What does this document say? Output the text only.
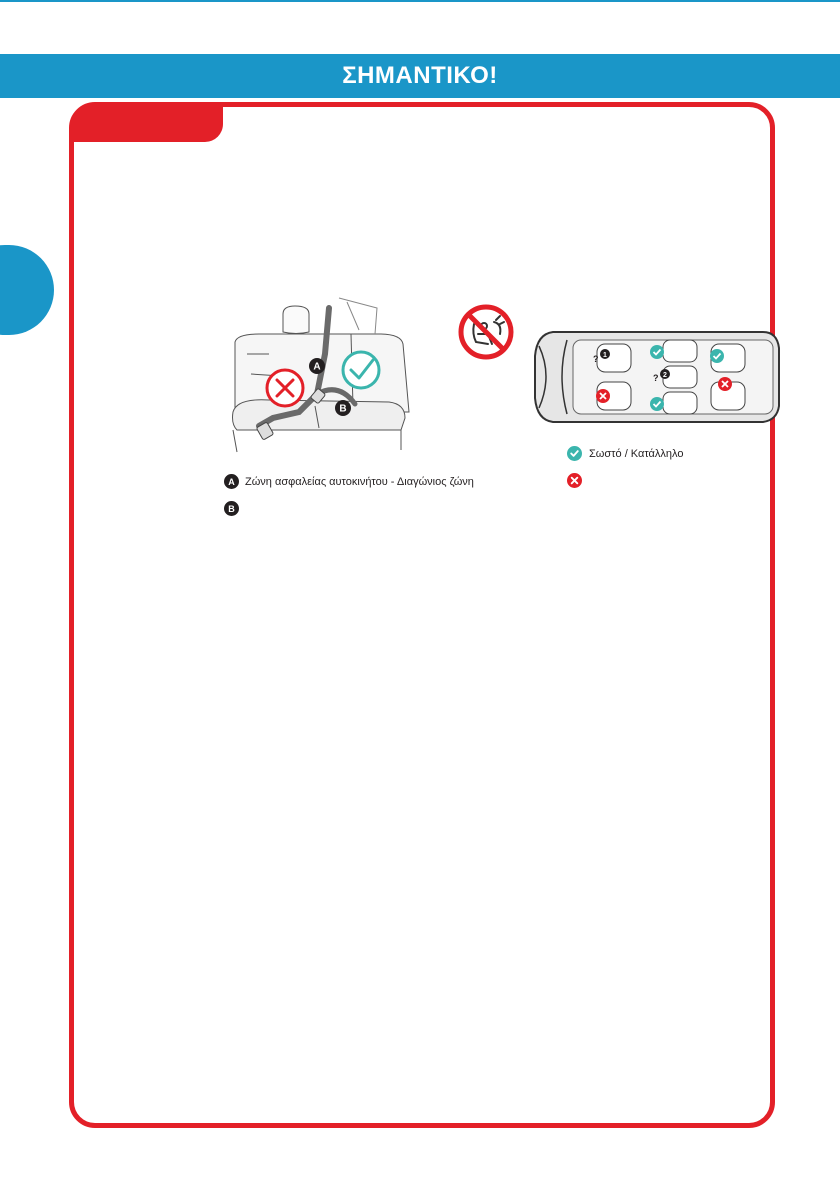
ΣΗΜΑΝΤΙΚΟ!
A
B
? 1
? 2
A Ζώνη ασφαλείας αυτοκινήτου - Διαγώνιος ζώνη
B
Σωστό / Κατάλληλο
